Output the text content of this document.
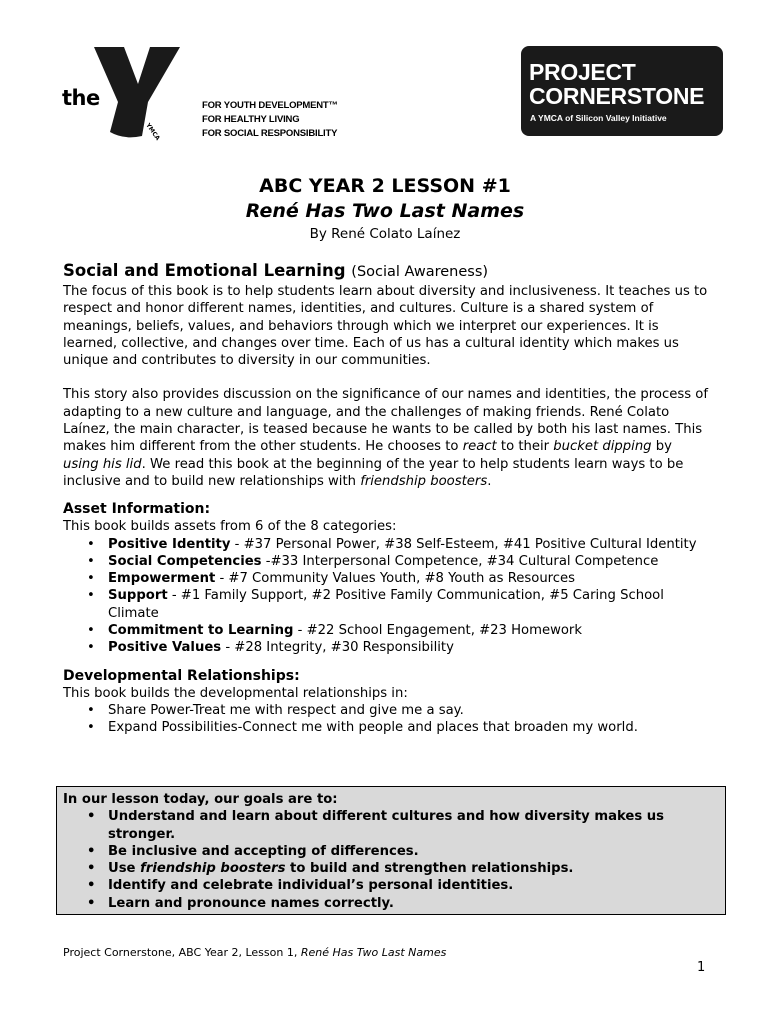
the
YMCA
FOR YOUTH DEVELOPMENT™
FOR HEALTHY LIVING
FOR SOCIAL RESPONSIBILITY
PROJECT
CORNERSTONE
A YMCA of Silicon Valley Initiative
ABC YEAR 2 LESSON #1
René Has Two Last Names
By René Colato Laínez
Social and Emotional Learning (Social Awareness)

The focus of this book is to help students learn about diversity and inclusiveness. It teaches us to respect and honor different names, identities, and cultures. Culture is a shared system of meanings, beliefs, values, and behaviors through which we interpret our experiences. It is learned, collective, and changes over time. Each of us has a cultural identity which makes us unique and contributes to diversity in our communities.

This story also provides discussion on the significance of our names and identities, the process of adapting to a new culture and language, and the challenges of making friends. René Colato Laínez, the main character, is teased because he wants to be called by both his last names. This makes him different from the other students. He chooses to react to their bucket dipping by using his lid. We read this book at the beginning of the year to help students learn ways to be inclusive and to build new relationships with friendship boosters.

Asset Information:

This book builds assets from 6 of the 8 categories:

• Positive Identity - #37 Personal Power, #38 Self-Esteem, #41 Positive Cultural Identity
• Social Competencies -#33 Interpersonal Competence, #34 Cultural Competence
• Empowerment - #7 Community Values Youth, #8 Youth as Resources
• Support - #1 Family Support, #2 Positive Family Communication, #5 Caring School Climate
• Commitment to Learning - #22 School Engagement, #23 Homework
• Positive Values - #28 Integrity, #30 Responsibility
Developmental Relationships:

This book builds the developmental relationships in:

• Share Power-Treat me with respect and give me a say.
• Expand Possibilities-Connect me with people and places that broaden my world.
In our lesson today, our goals are to:
• Understand and learn about different cultures and how diversity makes us stronger.
• Be inclusive and accepting of differences.
• Use friendship boosters to build and strengthen relationships.
• Identify and celebrate individual’s personal identities.
• Learn and pronounce names correctly.
Project Cornerstone, ABC Year 2, Lesson 1, René Has Two Last Names
1
